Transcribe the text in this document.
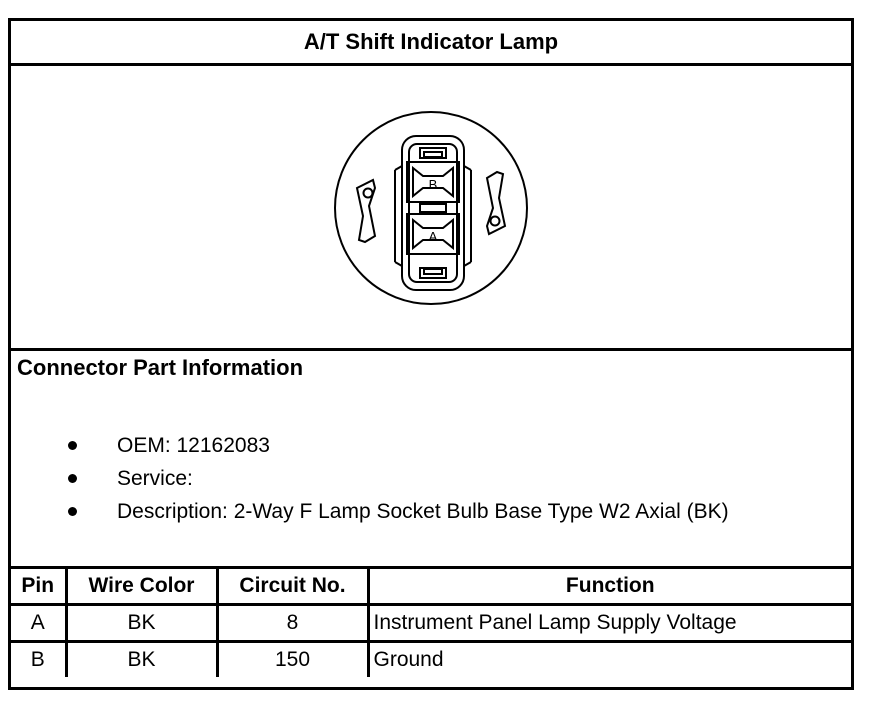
A/T Shift Indicator Lamp
B
A
Connector Part Information
OEM: 12162083
Service:
Description: 2-Way F Lamp Socket Bulb Base Type W2 Axial (BK)
Pin	Wire Color	Circuit No.	Function
A	BK	8	Instrument Panel Lamp Supply Voltage
B	BK	150	Ground
